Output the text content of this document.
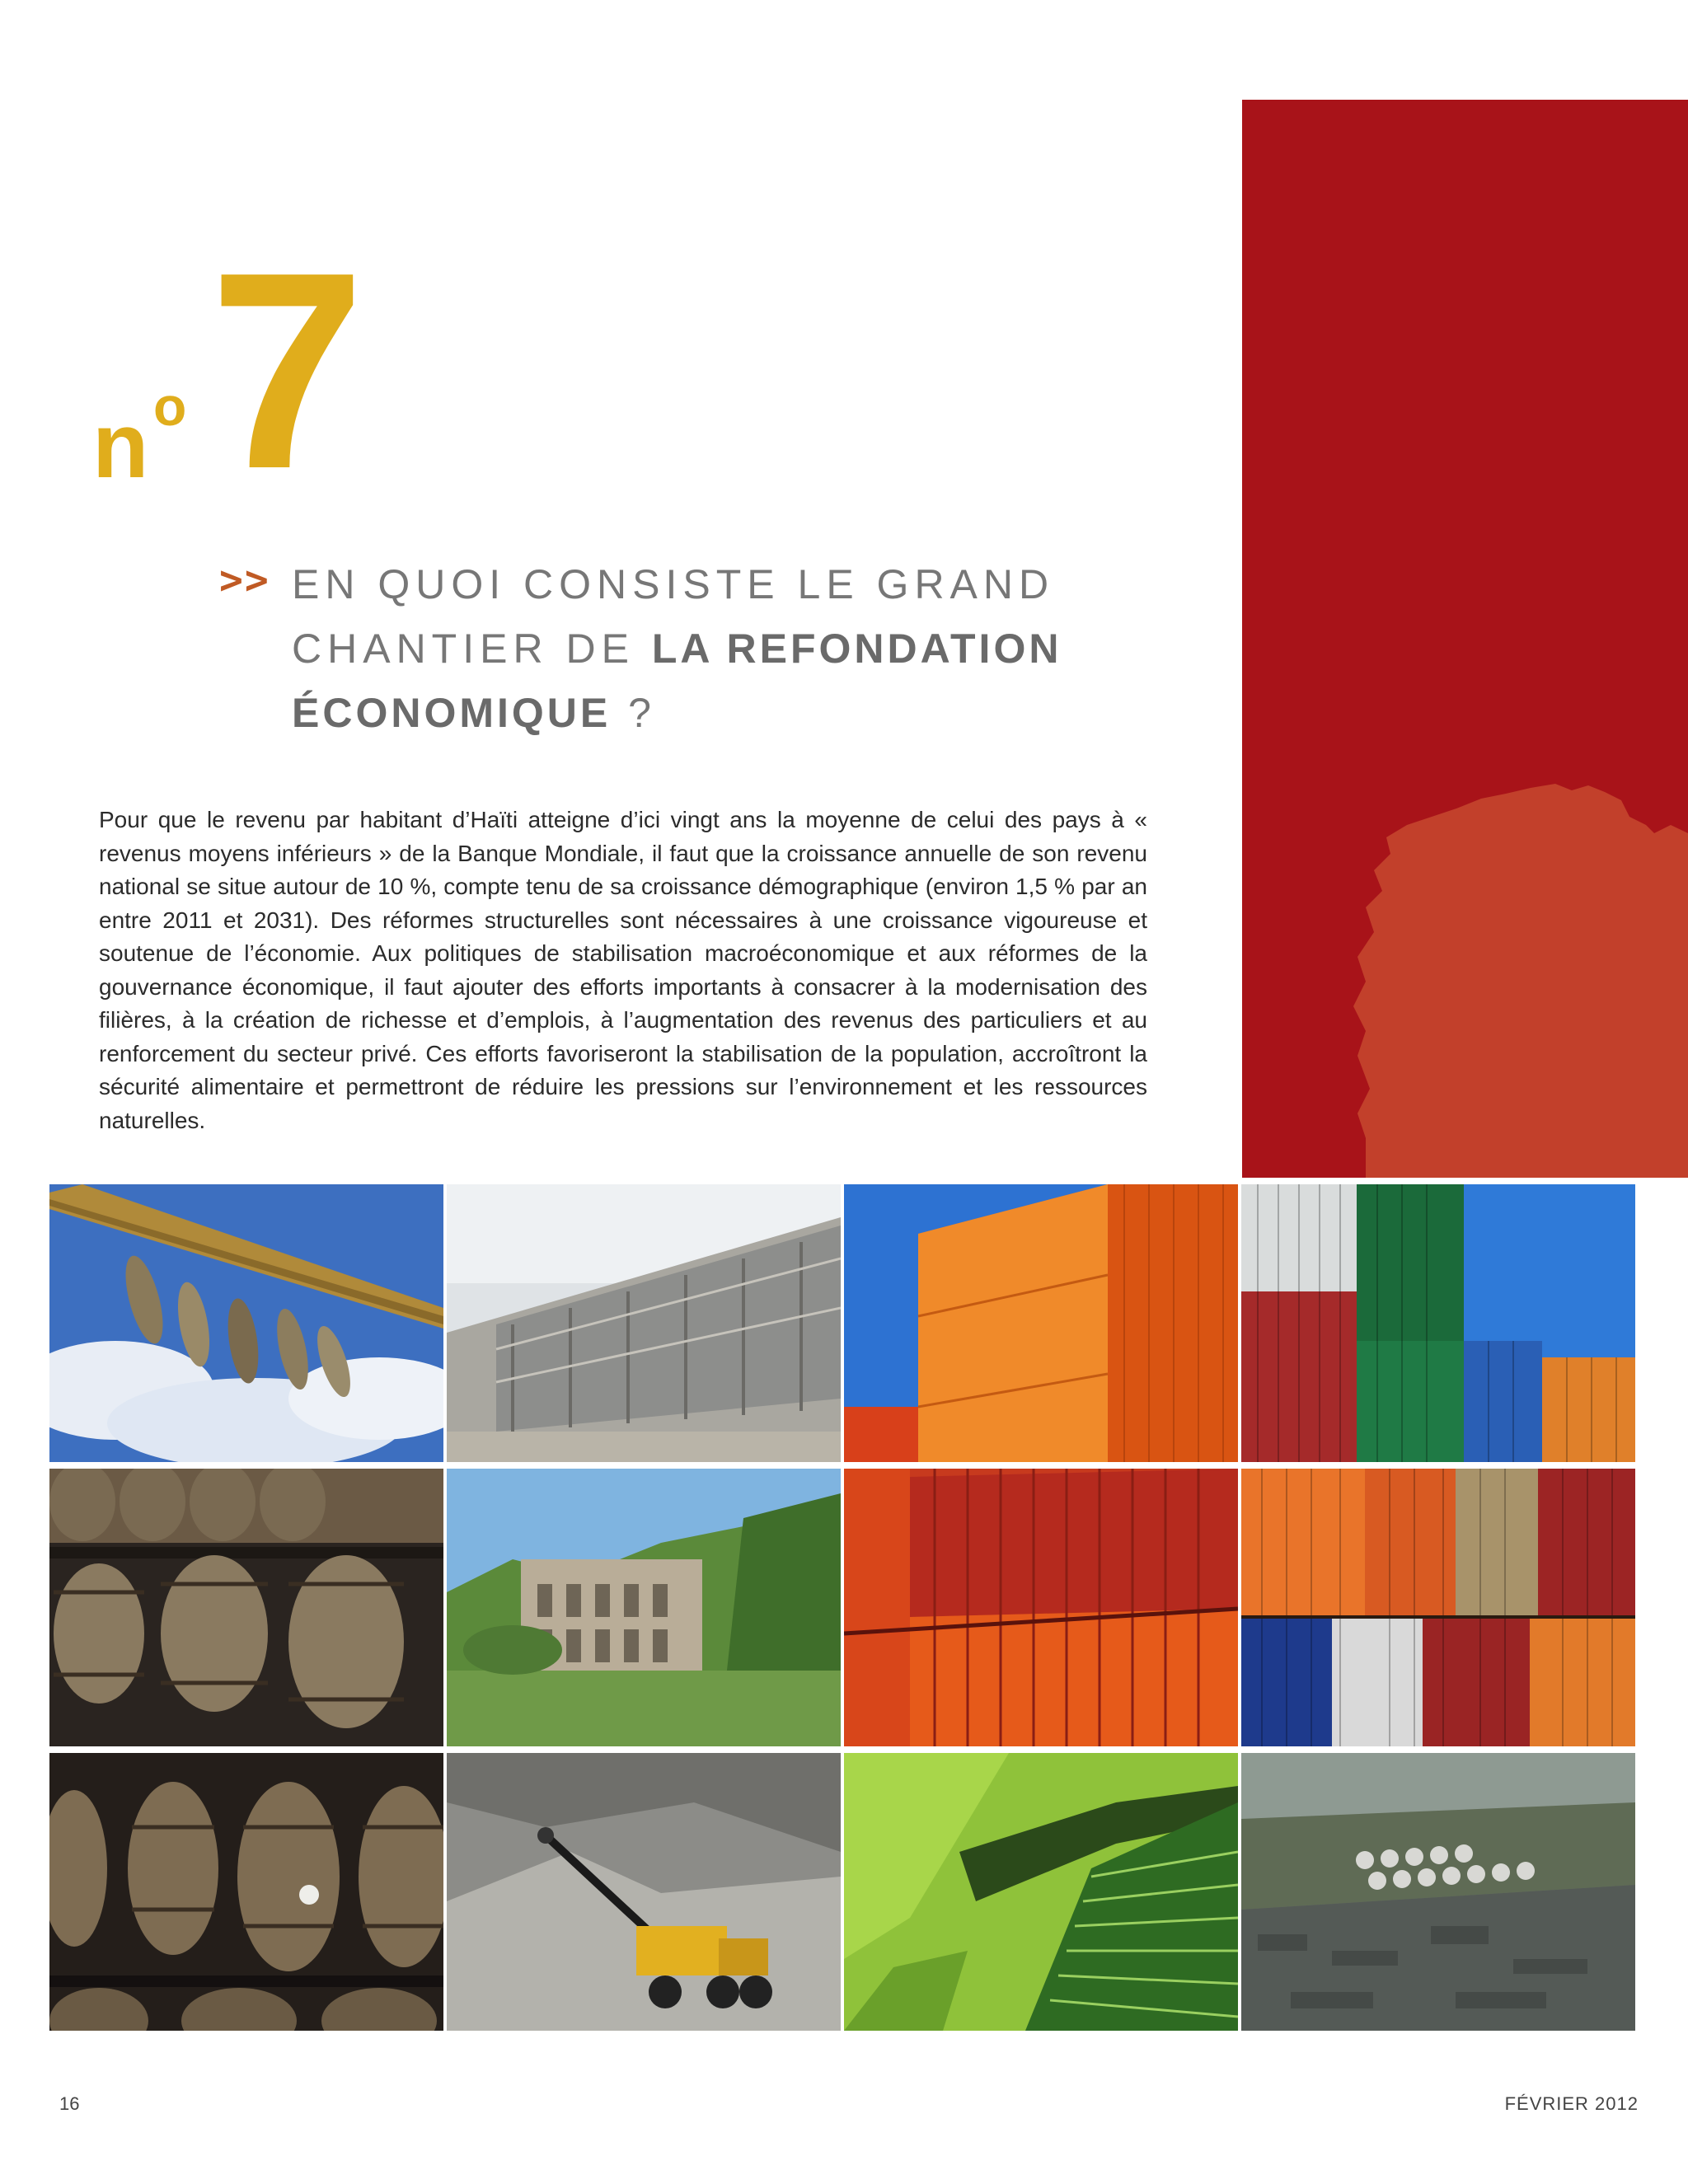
n o 7
>> EN QUOI CONSISTE LE GRAND
CHANTIER DE LA REFONDATION
ÉCONOMIQUE ?

Pour que le revenu par habitant d’Haïti atteigne d’ici vingt ans la moyenne de celui des pays à « revenus moyens inférieurs » de la Banque Mondiale, il faut que la croissance annuelle de son revenu national se situe autour de 10 %, compte tenu de sa croissance démographique (environ 1,5 % par an entre 2011 et 2031). Des réformes structurelles sont nécessaires à une croissance vigoureuse et soutenue de l’économie. Aux politiques de stabilisation macroéconomique et aux réformes de la gouvernance économique, il faut ajouter des efforts importants à consacrer à la modernisation des filières, à la création de richesse et d’emplois, à l’augmentation des revenus des particuliers et au renforcement du secteur privé. Ces efforts favoriseront la stabilisation de la population, accroîtront la sécurité alimentaire et permettront de réduire les pressions sur l’environnement et les ressources naturelles.

16	FÉVRIER 2012
